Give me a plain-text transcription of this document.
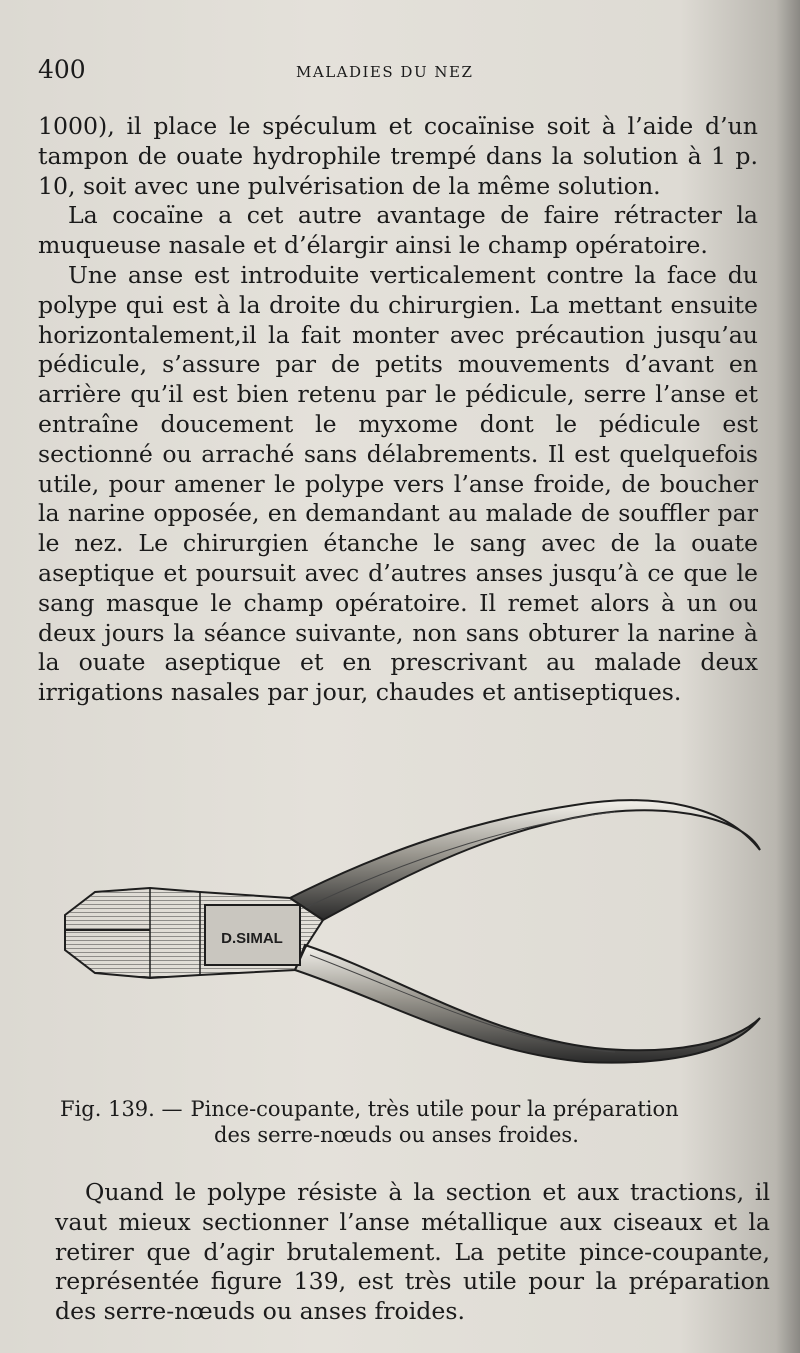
400	MALADIES DU NEZ

1000), il place le spéculum et cocaïnise soit à l’aide d’un tampon de ouate hydrophile trempé dans la solution à 1 p. 10, soit avec une pulvérisation de la même solution.

La cocaïne a cet autre avantage de faire rétracter la muqueuse nasale et d’élargir ainsi le champ opératoire.

Une anse est introduite verticalement contre la face du polype qui est à la droite du chirurgien. La mettant ensuite horizontalement,il la fait monter avec précaution jusqu’au pédicule, s’assure par de petits mouvements d’avant en arrière qu’il est bien retenu par le pédicule, serre l’anse et entraîne doucement le myxome dont le pédicule est sectionné ou arraché sans délabrements. Il est quelquefois utile, pour amener le polype vers l’anse froide, de boucher la narine opposée, en demandant au malade de souffler par le nez. Le chirurgien étanche le sang avec de la ouate aseptique et poursuit avec d’autres anses jusqu’à ce que le sang masque le champ opératoire. Il remet alors à un ou deux jours la séance suivante, non sans obturer la narine à la ouate aseptique et en prescrivant au malade deux irrigations nasales par jour, chaudes et antiseptiques.

D.SIMAL
Fig. 139. — Pince-coupante, très utile pour la préparation
des serre-nœuds ou anses froides.

Quand le polype résiste à la section et aux tractions, il vaut mieux sectionner l’anse métallique aux ciseaux et la retirer que d’agir brutalement. La petite pince-coupante, représentée figure 139, est très utile pour la préparation des serre-nœuds ou anses froides.
